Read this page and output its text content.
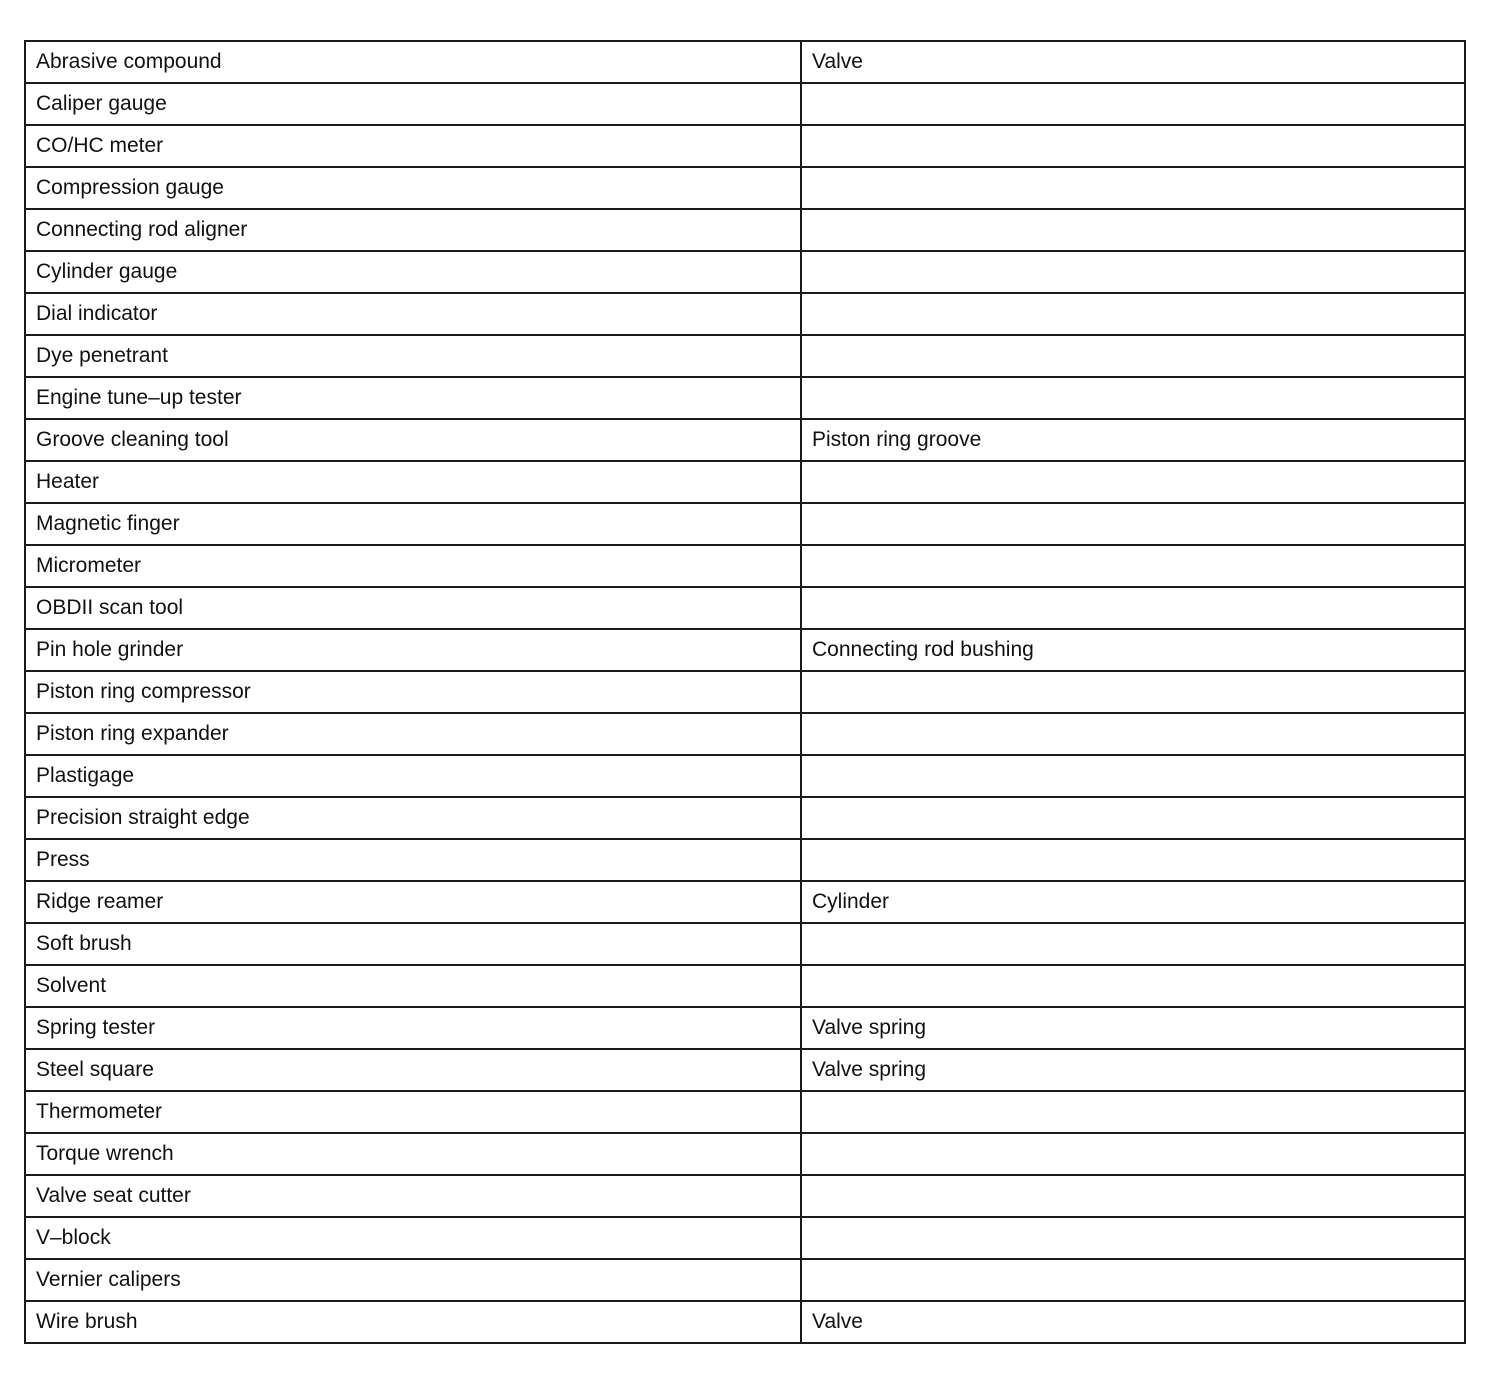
Abrasive compound	Valve
Caliper gauge	
CO/HC meter	
Compression gauge	
Connecting rod aligner	
Cylinder gauge	
Dial indicator	
Dye penetrant	
Engine tune–up tester	
Groove cleaning tool	Piston ring groove
Heater	
Magnetic finger	
Micrometer	
OBDII scan tool	
Pin hole grinder	Connecting rod bushing
Piston ring compressor	
Piston ring expander	
Plastigage	
Precision straight edge	
Press	
Ridge reamer	Cylinder
Soft brush	
Solvent	
Spring tester	Valve spring
Steel square	Valve spring
Thermometer	
Torque wrench	
Valve seat cutter	
V–block	
Vernier calipers	
Wire brush	Valve
